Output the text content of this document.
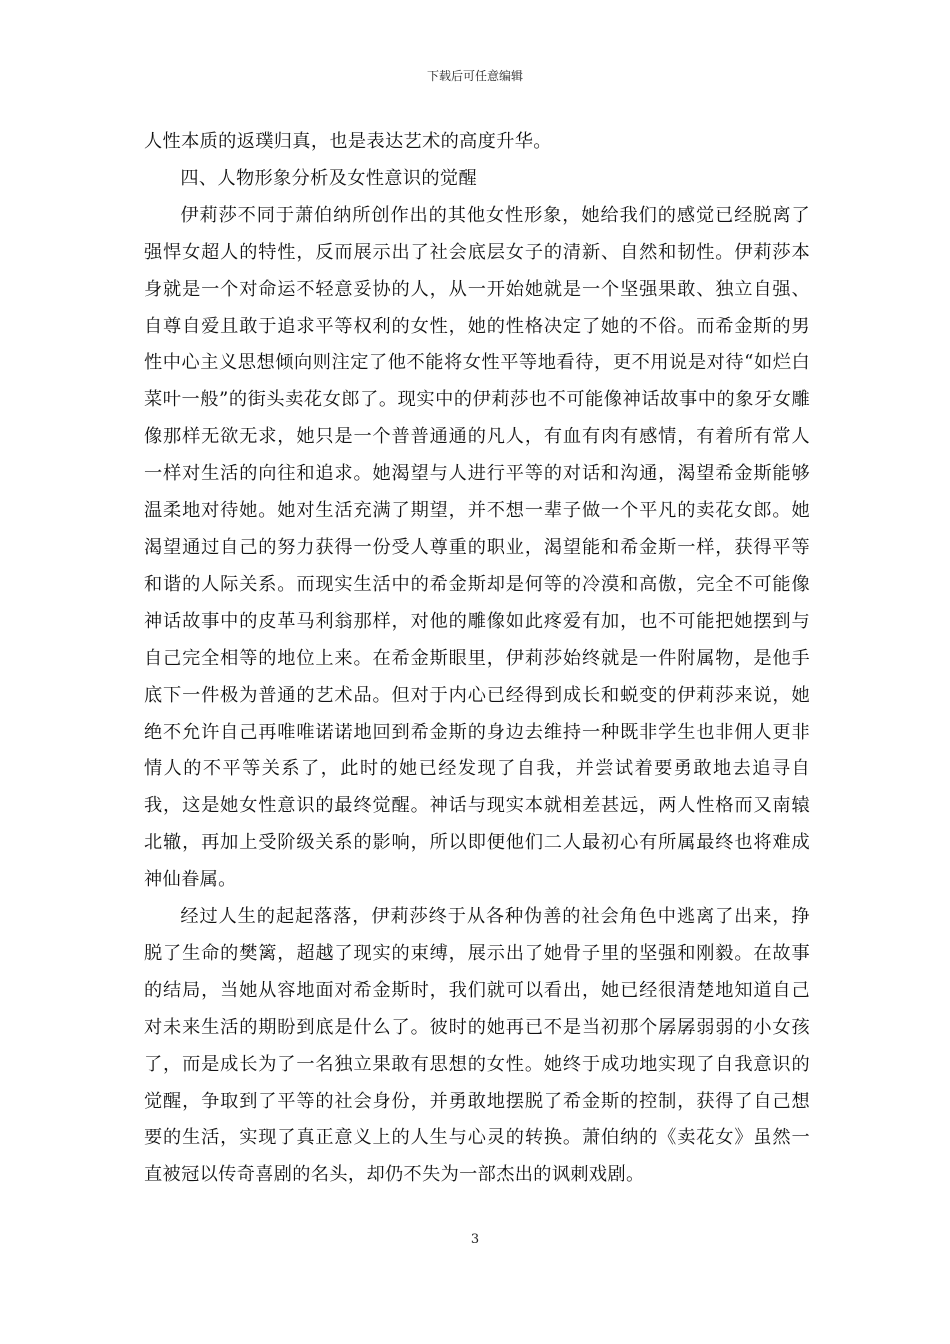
下载后可任意编辑

人性本质的返璞归真，也是表达艺术的高度升华。

四、人物形象分析及女性意识的觉醒

伊莉莎不同于萧伯纳所创作出的其他女性形象，她给我们的感觉已经脱离了强悍女超人的特性，反而展示出了社会底层女子的清新、自然和韧性。伊莉莎本身就是一个对命运不轻意妥协的人，从一开始她就是一个坚强果敢、独立自强、自尊自爱且敢于追求平等权利的女性，她的性格决定了她的不俗。而希金斯的男性中心主义思想倾向则注定了他不能将女性平等地看待，更不用说是对待“如烂白菜叶一般”的街头卖花女郎了。现实中的伊莉莎也不可能像神话故事中的象牙女雕像那样无欲无求，她只是一个普普通通的凡人，有血有肉有感情，有着所有常人一样对生活的向往和追求。她渴望与人进行平等的对话和沟通，渴望希金斯能够温柔地对待她。她对生活充满了期望，并不想一辈子做一个平凡的卖花女郎。她渴望通过自己的努力获得一份受人尊重的职业，渴望能和希金斯一样，获得平等和谐的人际关系。而现实生活中的希金斯却是何等的冷漠和高傲，完全不可能像神话故事中的皮革马利翁那样，对他的雕像如此疼爱有加，也不可能把她摆到与自己完全相等的地位上来。在希金斯眼里，伊莉莎始终就是一件附属物，是他手底下一件极为普通的艺术品。但对于内心已经得到成长和蜕变的伊莉莎来说，她绝不允许自己再唯唯诺诺地回到希金斯的身边去维持一种既非学生也非佣人更非情人的不平等关系了，此时的她已经发现了自我，并尝试着要勇敢地去追寻自我，这是她女性意识的最终觉醒。神话与现实本就相差甚远，两人性格而又南辕北辙，再加上受阶级关系的影响，所以即便他们二人最初心有所属最终也将难成神仙眷属。

经过人生的起起落落，伊莉莎终于从各种伪善的社会角色中逃离了出来，挣脱了生命的樊篱，超越了现实的束缚，展示出了她骨子里的坚强和刚毅。在故事的结局，当她从容地面对希金斯时，我们就可以看出，她已经很清楚地知道自己对未来生活的期盼到底是什么了。彼时的她再已不是当初那个孱孱弱弱的小女孩了，而是成长为了一名独立果敢有思想的女性。她终于成功地实现了自我意识的觉醒，争取到了平等的社会身份，并勇敢地摆脱了希金斯的控制，获得了自己想要的生活，实现了真正意义上的人生与心灵的转换。萧伯纳的《卖花女》虽然一直被冠以传奇喜剧的名头，却仍不失为一部杰出的讽刺戏剧。

3
